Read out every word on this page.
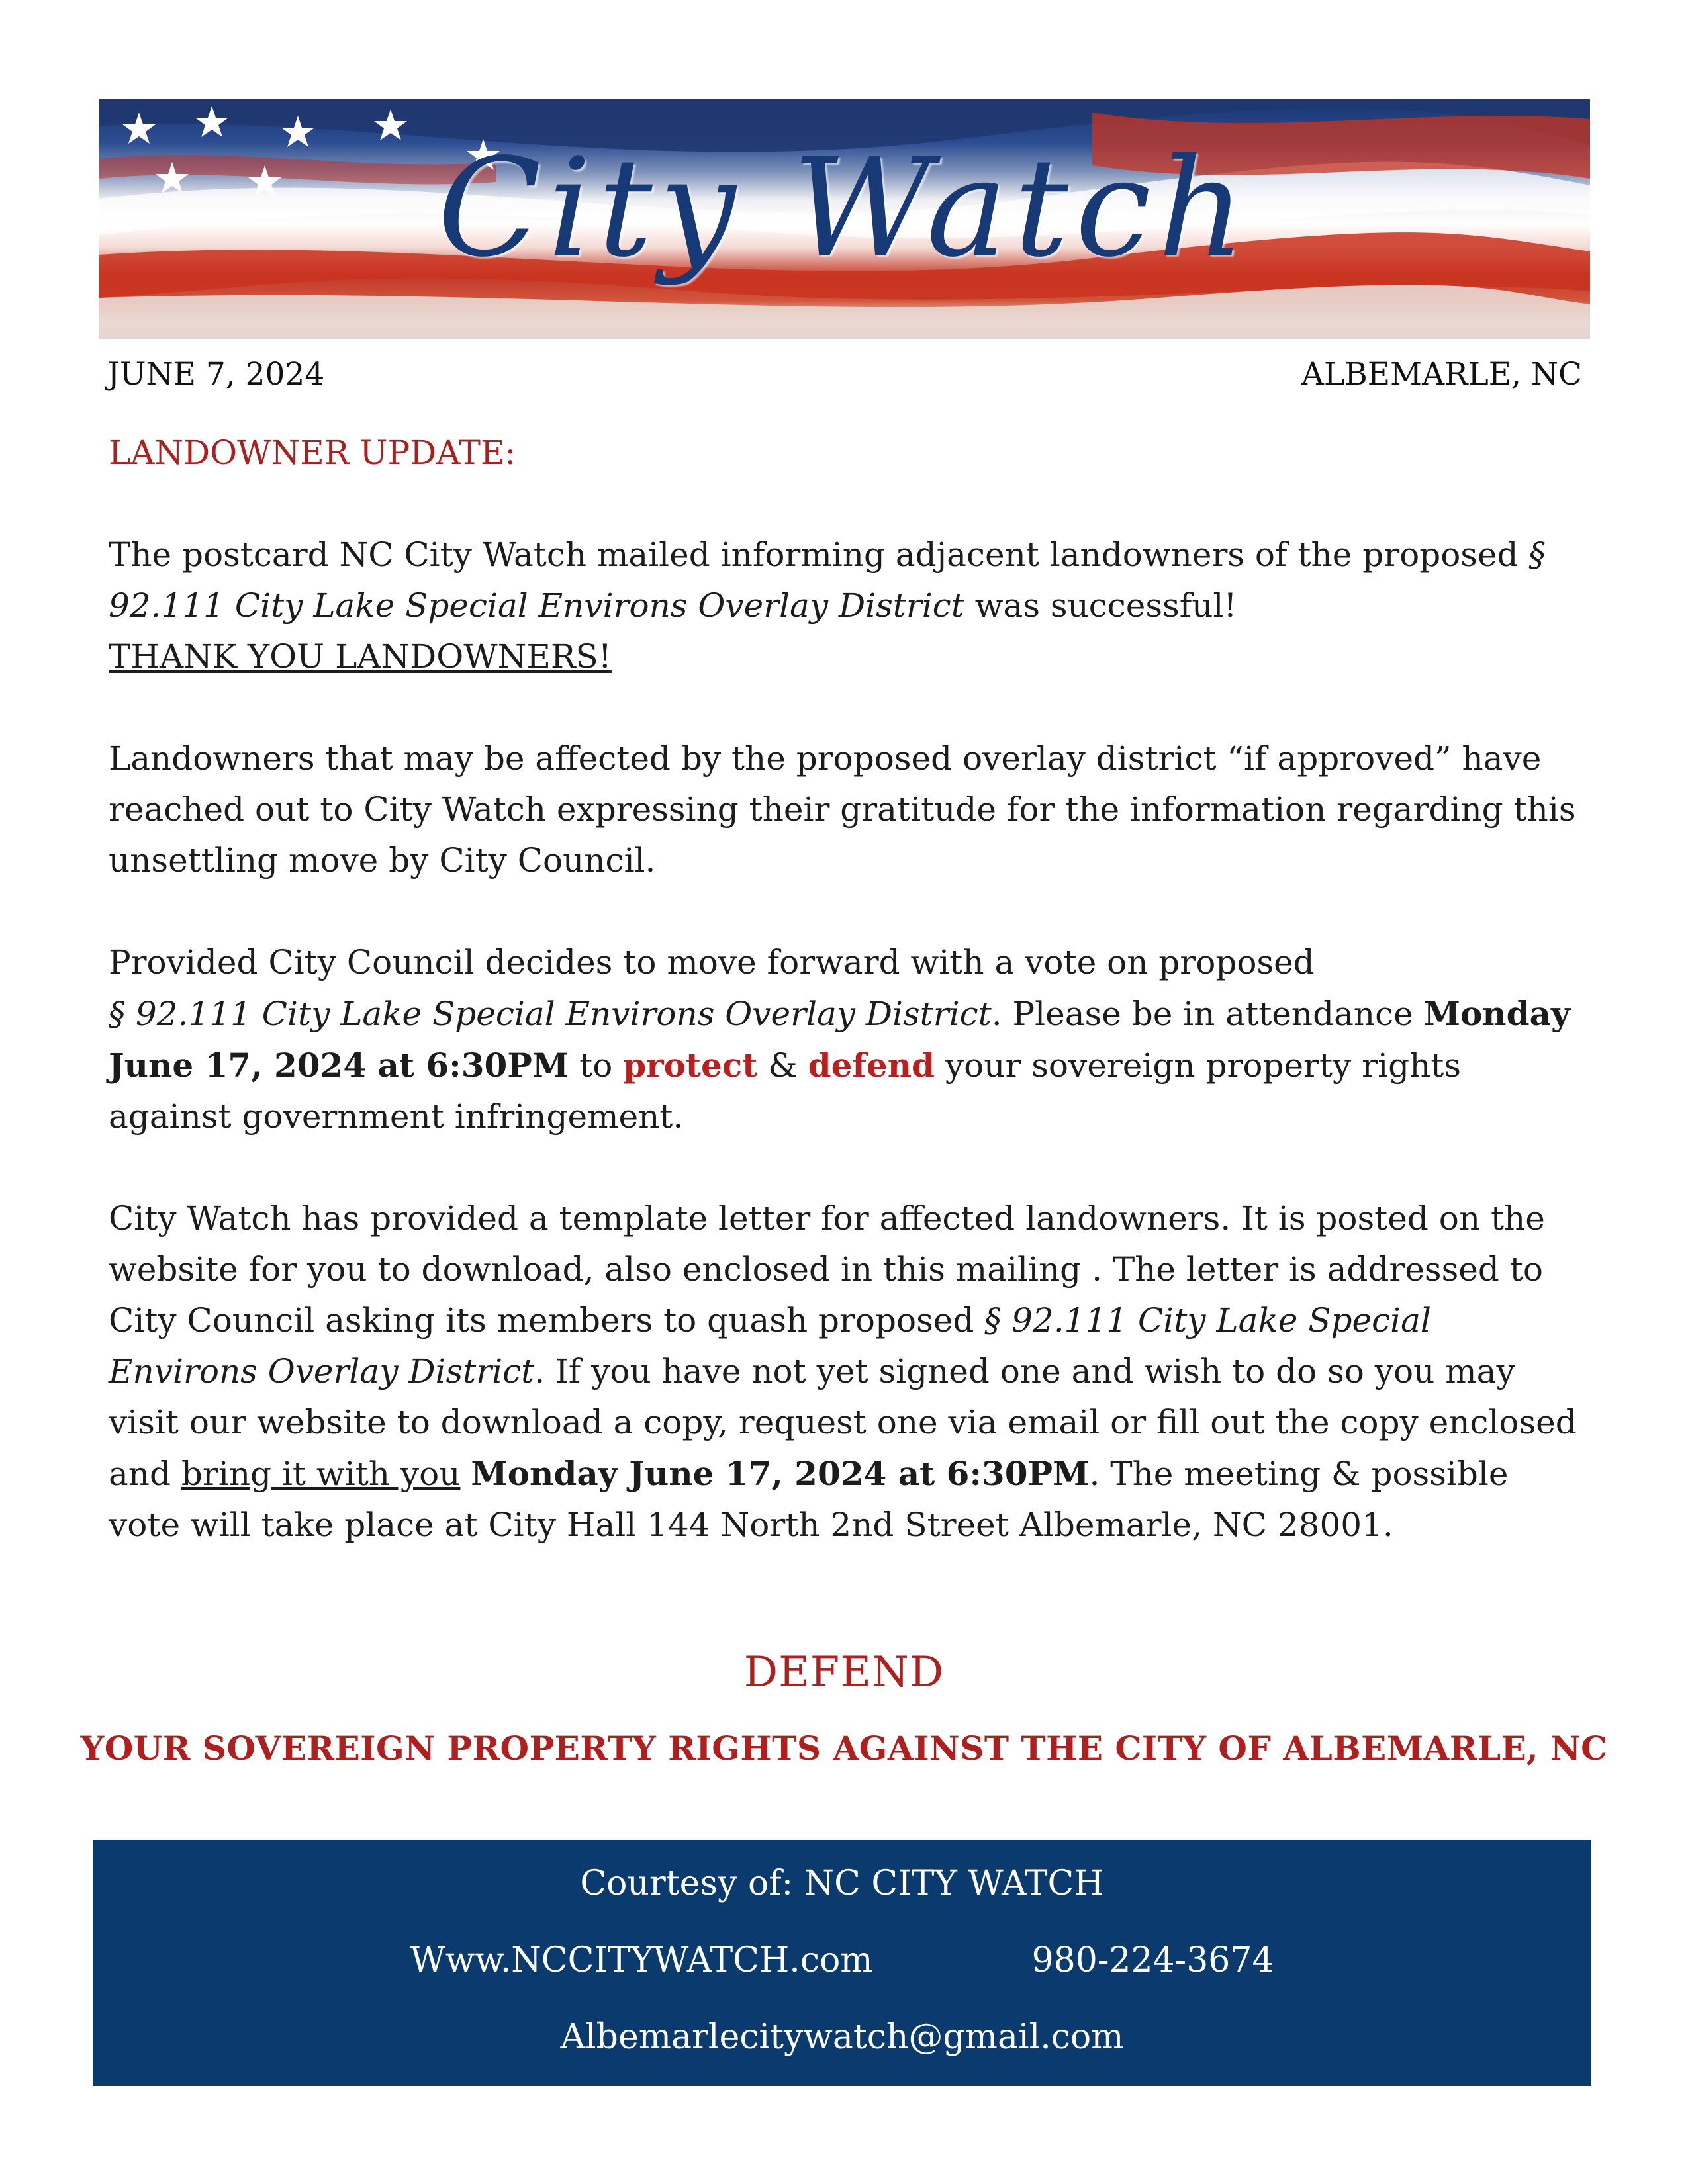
City Watch
JUNE 7, 2024	ALBEMARLE, NC

LANDOWNER UPDATE:

The postcard NC City Watch mailed informing adjacent landowners of the proposed § 92.111 City Lake Special Environs Overlay District was successful!
THANK YOU LANDOWNERS!

Landowners that may be affected by the proposed overlay district “if approved” have reached out to City Watch expressing their gratitude for the information regarding this unsettling move by City Council.

Provided City Council decides to move forward with a vote on proposed
§ 92.111 City Lake Special Environs Overlay District. Please be in attendance Monday June 17, 2024 at 6:30PM to protect & defend your sovereign property rights against government infringement.

City Watch has provided a template letter for affected landowners. It is posted on the website for you to download, also enclosed in this mailing . The letter is addressed to City Council asking its members to quash proposed § 92.111 City Lake Special Environs Overlay District. If you have not yet signed one and wish to do so you may visit our website to download a copy, request one via email or fill out the copy enclosed and bring it with you Monday June 17, 2024 at 6:30PM. The meeting & possible vote will take place at City Hall 144 North 2nd Street Albemarle, NC 28001.

DEFEND
YOUR SOVEREIGN PROPERTY RIGHTS AGAINST THE CITY OF ALBEMARLE, NC
Courtesy of: NC CITY WATCH
Www.NCCITYWATCH.com	980-224-3674
Albemarlecitywatch@gmail.com
